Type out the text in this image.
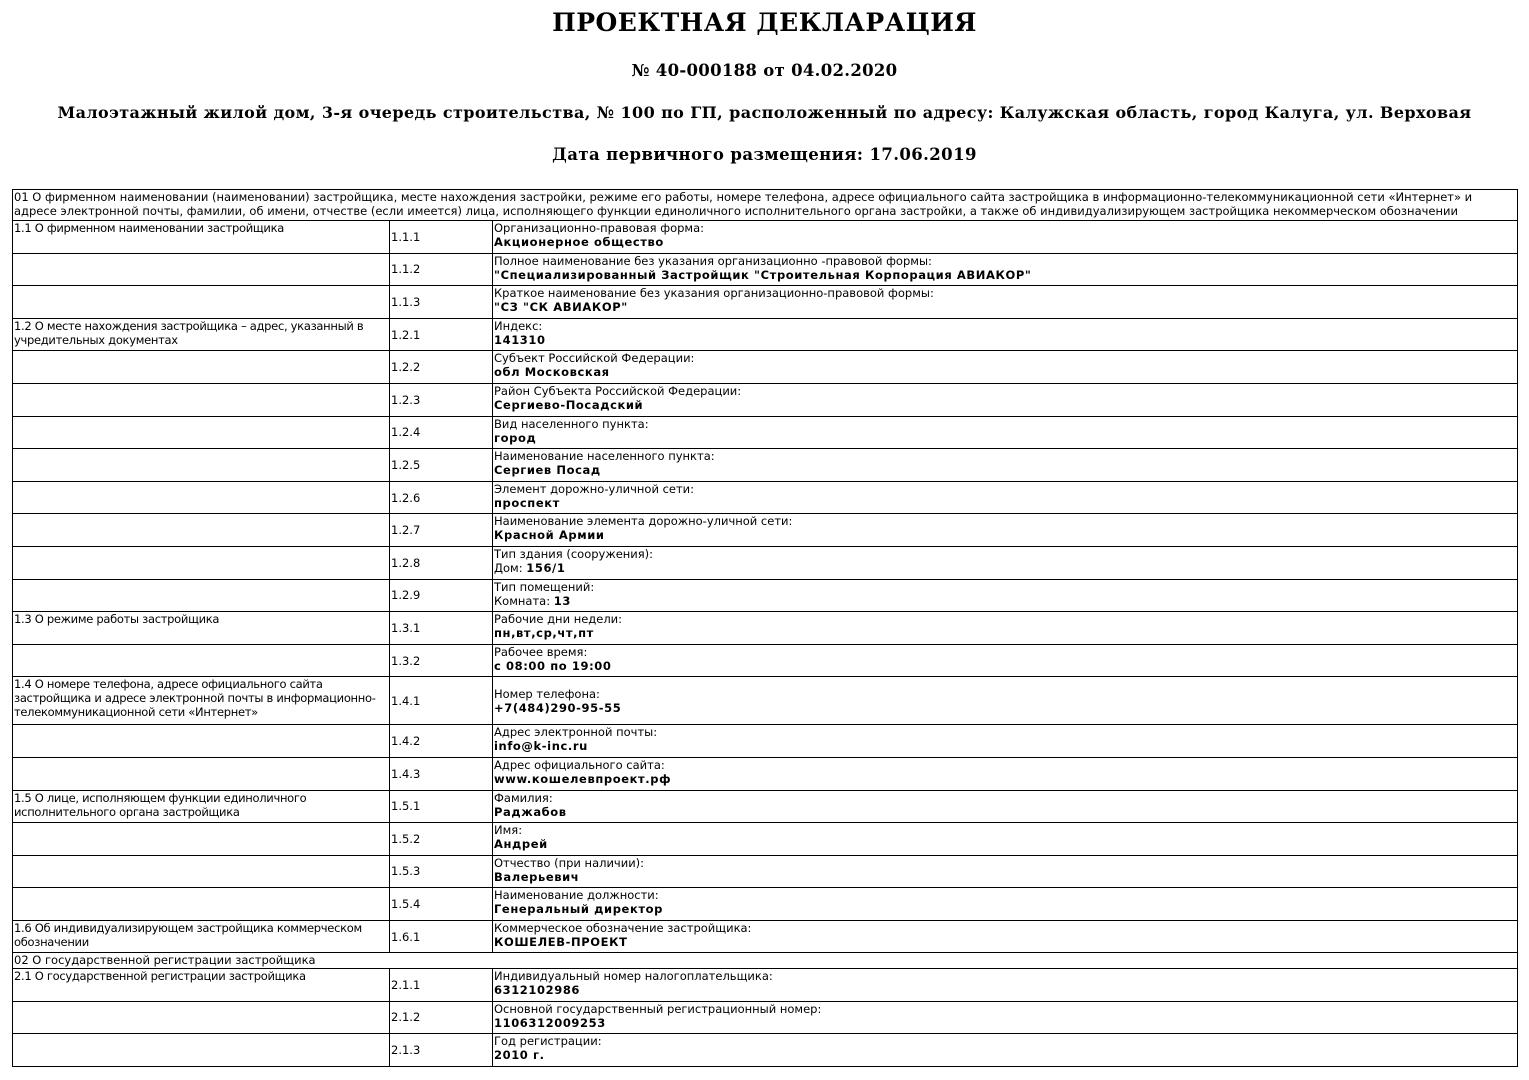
ПРОЕКТНАЯ ДЕКЛАРАЦИЯ
№ 40-000188 от 04.02.2020
Малоэтажный жилой дом, 3-я очередь строительства, № 100 по ГП, расположенный по адресу: Калужская область, город Калуга, ул. Верховая
Дата первичного размещения: 17.06.2019
01 О фирменном наименовании (наименовании) застройщика, месте нахождения застройки, режиме его работы, номере телефона, адресе официального сайта застройщика в информационно-телекоммуникационной сети «Интернет» и адресе электронной почты, фамилии, об имени, отчестве (если имеется) лица, исполняющего функции единоличного исполнительного органа застройки, а также об индивидуализирующем застройщика некоммерческом обозначении		
1.1 О фирменном наименовании застройщика	1.1.1	Организационно-правовая форма:
Акционерное общество
	1.1.2	Полное наименование без указания организационно -правовой формы:
"Специализированный Застройщик "Строительная Корпорация АВИАКОР"
	1.1.3	Краткое наименование без указания организационно-правовой формы:
"СЗ "СК АВИАКОР"
1.2 О месте нахождения застройщика – адрес, указанный в учредительных документах	1.2.1	Индекс:
141310
	1.2.2	Субъект Российской Федерации:
обл Московская
	1.2.3	Район Субъекта Российской Федерации:
Сергиево-Посадский
	1.2.4	Вид населенного пункта:
город
	1.2.5	Наименование населенного пункта:
Сергиев Посад
	1.2.6	Элемент дорожно-уличной сети:
проспект
	1.2.7	Наименование элемента дорожно-уличной сети:
Красной Армии
	1.2.8	Тип здания (сооружения):
Дом: 156/1
	1.2.9	Тип помещений:
Комната: 13
1.3 О режиме работы застройщика	1.3.1	Рабочие дни недели:
пн,вт,ср,чт,пт
	1.3.2	Рабочее время:
с 08:00 по 19:00
1.4 О номере телефона, адресе официального сайта застройщика и адресе электронной почты в информационно-телекоммуникационной сети «Интернет»	1.4.1	Номер телефона:
+7(484)290-95-55
	1.4.2	Адрес электронной почты:
info@k-inc.ru
	1.4.3	Адрес официального сайта:
www.кошелевпроект.рф
1.5 О лице, исполняющем функции единоличного исполнительного органа застройщика	1.5.1	Фамилия:
Раджабов
	1.5.2	Имя:
Андрей
	1.5.3	Отчество (при наличии):
Валерьевич
	1.5.4	Наименование должности:
Генеральный директор
1.6 Об индивидуализирующем застройщика коммерческом обозначении	1.6.1	Коммерческое обозначение застройщика:
КОШЕЛЕВ-ПРОЕКТ
02 О государственной регистрации застройщика		
2.1 О государственной регистрации застройщика	2.1.1	Индивидуальный номер налогоплательщика:
6312102986
	2.1.2	Основной государственный регистрационный номер:
1106312009253
	2.1.3	Год регистрации:
2010 г.
